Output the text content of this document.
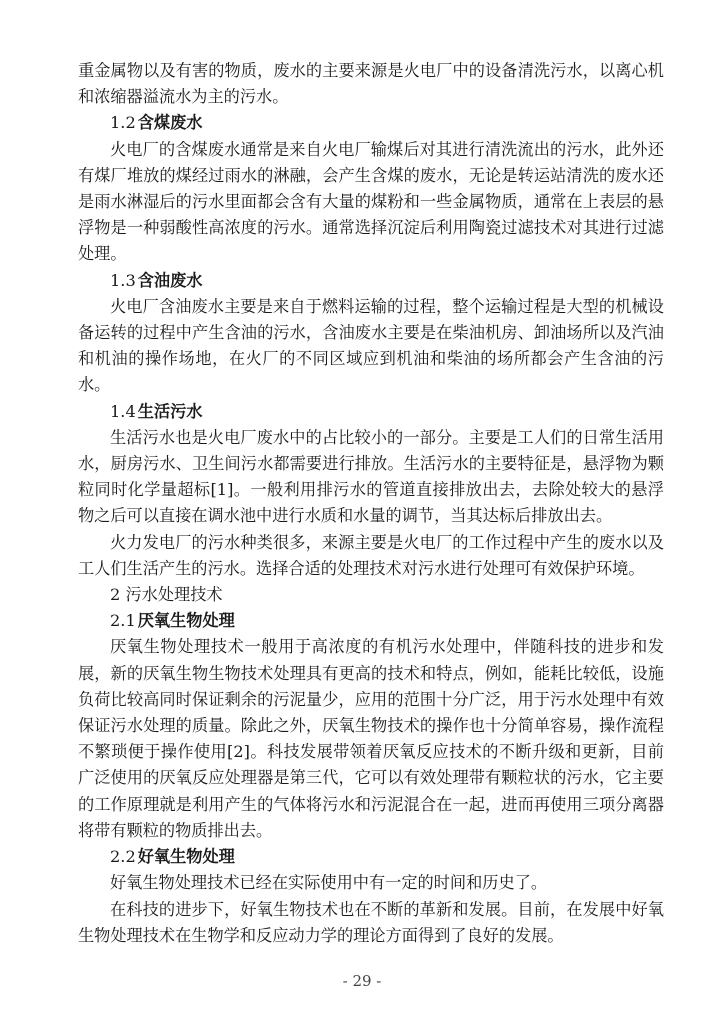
重金属物以及有害的物质，废水的主要来源是火电厂中的设备清洗污水，以离心机和浓缩器溢流水为主的污水。

1.2 含煤废水

火电厂的含煤废水通常是来自火电厂输煤后对其进行清洗流出的污水，此外还有煤厂堆放的煤经过雨水的淋融，会产生含煤的废水，无论是转运站清洗的废水还是雨水淋湿后的污水里面都会含有大量的煤粉和一些金属物质，通常在上表层的悬浮物是一种弱酸性高浓度的污水。通常选择沉淀后利用陶瓷过滤技术对其进行过滤处理。

1.3 含油废水

火电厂含油废水主要是来自于燃料运输的过程，整个运输过程是大型的机械设备运转的过程中产生含油的污水，含油废水主要是在柴油机房、卸油场所以及汽油和机油的操作场地，在火厂的不同区域应到机油和柴油的场所都会产生含油的污水。

1.4 生活污水

生活污水也是火电厂废水中的占比较小的一部分。主要是工人们的日常生活用水，厨房污水、卫生间污水都需要进行排放。生活污水的主要特征是，悬浮物为颗粒同时化学量超标[1]。一般利用排污水的管道直接排放出去，去除处较大的悬浮物之后可以直接在调水池中进行水质和水量的调节，当其达标后排放出去。

火力发电厂的污水种类很多，来源主要是火电厂的工作过程中产生的废水以及工人们生活产生的污水。选择合适的处理技术对污水进行处理可有效保护环境。

2 污水处理技术

2.1 厌氧生物处理

厌氧生物处理技术一般用于高浓度的有机污水处理中，伴随科技的进步和发展，新的厌氧生物生物技术处理具有更高的技术和特点，例如，能耗比较低，设施负荷比较高同时保证剩余的污泥量少，应用的范围十分广泛，用于污水处理中有效保证污水处理的质量。除此之外，厌氧生物技术的操作也十分简单容易，操作流程不繁琐便于操作使用[2]。科技发展带领着厌氧反应技术的不断升级和更新，目前广泛使用的厌氧反应处理器是第三代，它可以有效处理带有颗粒状的污水，它主要的工作原理就是利用产生的气体将污水和污泥混合在一起，进而再使用三项分离器将带有颗粒的物质排出去。

2.2 好氧生物处理

好氧生物处理技术已经在实际使用中有一定的时间和历史了。

在科技的进步下，好氧生物技术也在不断的革新和发展。目前，在发展中好氧生物处理技术在生物学和反应动力学的理论方面得到了良好的发展。

- 29 -
